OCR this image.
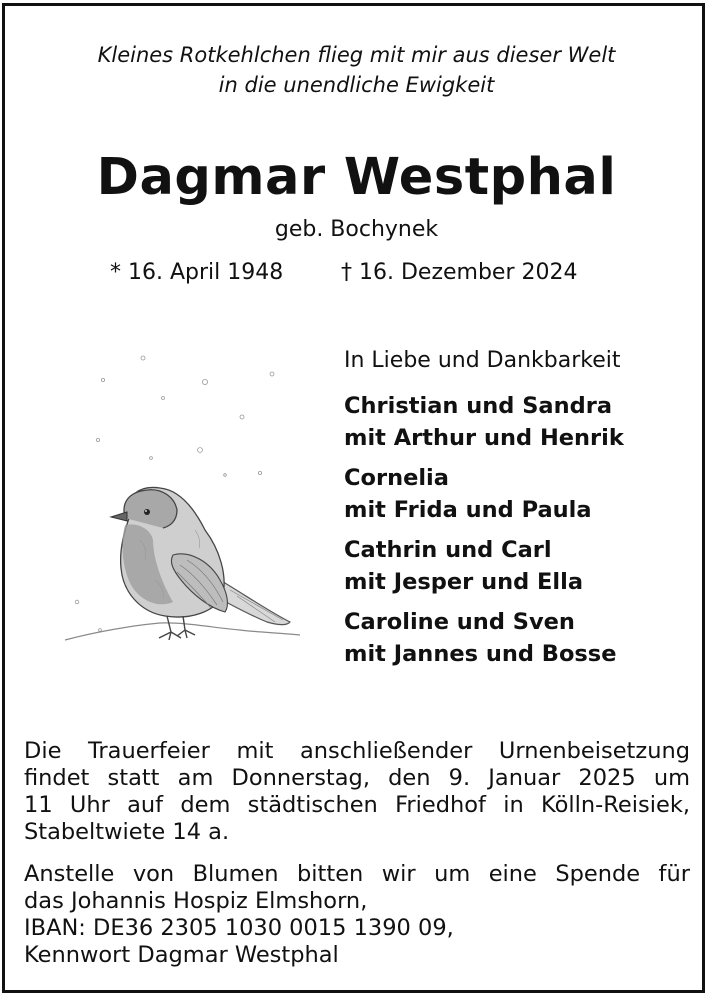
Kleines Rotkehlchen flieg mit mir aus dieser Welt
in die unendliche Ewigkeit
Dagmar Westphal
geb. Bochynek
* 16. April 1948	† 16. Dezember 2024
In Liebe und Dankbarkeit
Christian und Sandra
mit Arthur und Henrik
Cornelia
mit Frida und Paula
Cathrin und Carl
mit Jesper und Ella
Caroline und Sven
mit Jannes und Bosse
Die Trauerfeier mit anschließender Urnenbeisetzung
findet statt am Donnerstag, den 9. Januar 2025 um
11 Uhr auf dem städtischen Friedhof in Kölln-Reisiek,
Stabeltwiete 14 a.
Anstelle von Blumen bitten wir um eine Spende für
das Johannis Hospiz Elmshorn,
IBAN: DE36 2305 1030 0015 1390 09,
Kennwort Dagmar Westphal
